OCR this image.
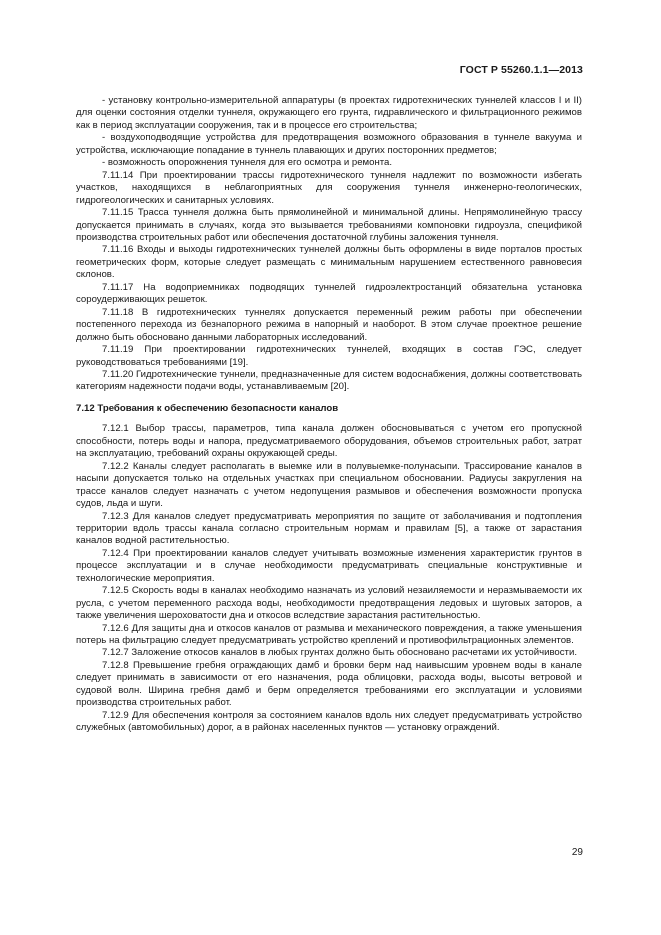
ГОСТ Р 55260.1.1—2013

- установку контрольно-измерительной аппаратуры (в проектах гидротехнических туннелей классов I и II) для оценки состояния отделки туннеля, окружающего его грунта, гидравлического и фильтрационного режимов как в период эксплуатации сооружения, так и в процессе его строительства;

- воздухоподводящие устройства для предотвращения возможного образования в туннеле вакуума и устройства, исключающие попадание в туннель плавающих и других посторонних предметов;

- возможность опорожнения туннеля для его осмотра и ремонта.

7.11.14 При проектировании трассы гидротехнического туннеля надлежит по возможности избегать участков, находящихся в неблагоприятных для сооружения туннеля инженерно-геологических, гидрогеологических и санитарных условиях.

7.11.15 Трасса туннеля должна быть прямолинейной и минимальной длины. Непрямолинейную трассу допускается принимать в случаях, когда это вызывается требованиями компоновки гидроузла, спецификой производства строительных работ или обеспечения достаточной глубины заложения туннеля.

7.11.16 Входы и выходы гидротехнических туннелей должны быть оформлены в виде порталов простых геометрических форм, которые следует размещать с минимальным нарушением естественного равновесия склонов.

7.11.17 На водоприемниках подводящих туннелей гидроэлектростанций обязательна установка сороудерживающих решеток.

7.11.18 В гидротехнических туннелях допускается переменный режим работы при обеспечении постепенного перехода из безнапорного режима в напорный и наоборот. В этом случае проектное решение должно быть обосновано данными лабораторных исследований.

7.11.19 При проектировании гидротехнических туннелей, входящих в состав ГЭС, следует руководствоваться требованиями [19].

7.11.20 Гидротехнические туннели, предназначенные для систем водоснабжения, должны соответствовать категориям надежности подачи воды, устанавливаемым [20].

7.12 Требования к обеспечению безопасности каналов

7.12.1 Выбор трассы, параметров, типа канала должен обосновываться с учетом его пропускной способности, потерь воды и напора, предусматриваемого оборудования, объемов строительных работ, затрат на эксплуатацию, требований охраны окружающей среды.

7.12.2 Каналы следует располагать в выемке или в полувыемке-полунасыпи. Трассирование каналов в насыпи допускается только на отдельных участках при специальном обосновании. Радиусы закругления на трассе каналов следует назначать с учетом недопущения размывов и обеспечения возможности пропуска судов, льда и шуги.

7.12.3 Для каналов следует предусматривать мероприятия по защите от заболачивания и подтопления территории вдоль трассы канала согласно строительным нормам и правилам [5], а также от зарастания каналов водной растительностью.

7.12.4 При проектировании каналов следует учитывать возможные изменения характеристик грунтов в процессе эксплуатации и в случае необходимости предусматривать специальные конструктивные и технологические мероприятия.

7.12.5 Скорость воды в каналах необходимо назначать из условий незаиляемости и неразмываемости их русла, с учетом переменного расхода воды, необходимости предотвращения ледовых и шуговых заторов, а также увеличения шероховатости дна и откосов вследствие зарастания растительностью.

7.12.6 Для защиты дна и откосов каналов от размыва и механического повреждения, а также уменьшения потерь на фильтрацию следует предусматривать устройство креплений и противофильтрационных элементов.

7.12.7 Заложение откосов каналов в любых грунтах должно быть обосновано расчетами их устойчивости.

7.12.8 Превышение гребня ограждающих дамб и бровки берм над наивысшим уровнем воды в канале следует принимать в зависимости от его назначения, рода облицовки, расхода воды, высоты ветровой и судовой волн. Ширина гребня дамб и берм определяется требованиями его эксплуатации и условиями производства строительных работ.

7.12.9 Для обеспечения контроля за состоянием каналов вдоль них следует предусматривать устройство служебных (автомобильных) дорог, а в районах населенных пунктов — установку ограждений.

29
